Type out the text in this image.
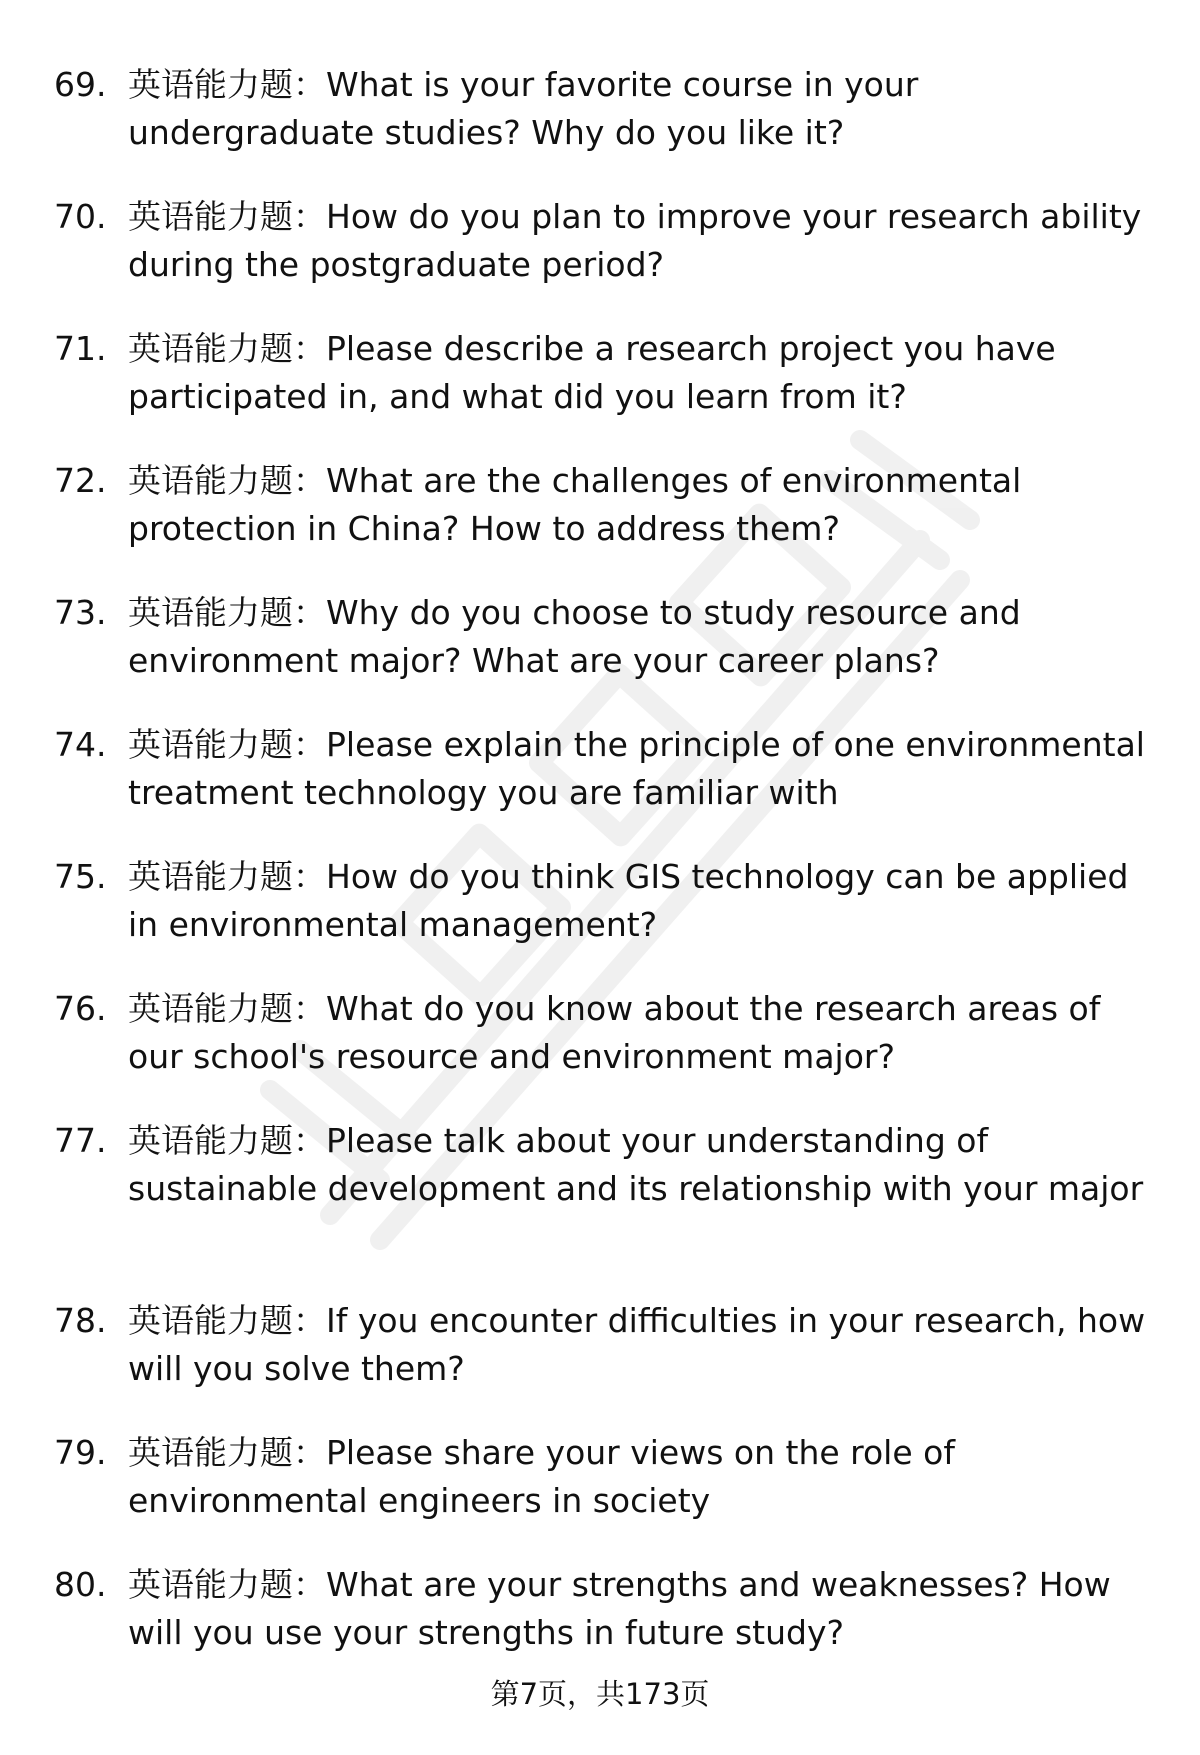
69. 英语能力题：What is your favorite course in your undergraduate studies? Why do you like it?
70. 英语能力题：How do you plan to improve your research ability during the postgraduate period?
71. 英语能力题：Please describe a research project you have participated in, and what did you learn from it?
72. 英语能力题：What are the challenges of environmental protection in China? How to address them?
73. 英语能力题：Why do you choose to study resource and environment major? What are your career plans?
74. 英语能力题：Please explain the principle of one environmental treatment technology you are familiar with
75. 英语能力题：How do you think GIS technology can be applied in environmental management?
76. 英语能力题：What do you know about the research areas of our school's resource and environment major?
77. 英语能力题：Please talk about your understanding of sustainable development and its relationship with your major
78. 英语能力题：If you encounter difficulties in your research, how will you solve them?
79. 英语能力题：Please share your views on the role of environmental engineers in society
80. 英语能力题：What are your strengths and weaknesses? How will you use your strengths in future study?
第7页，共173页
